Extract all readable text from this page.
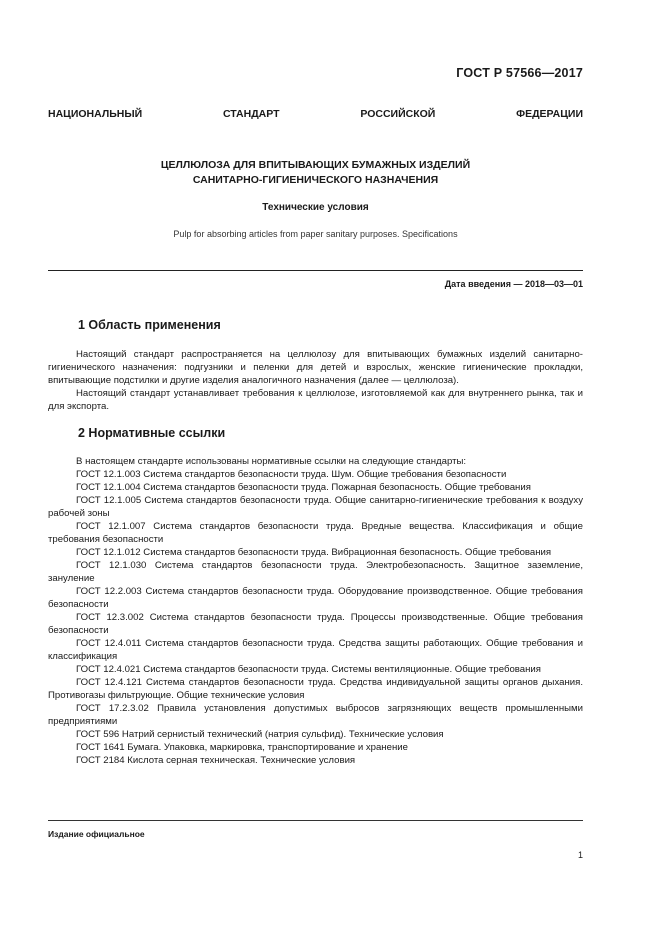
ГОСТ Р 57566—2017
НАЦИОНАЛЬНЫЙ	СТАНДАРТ	РОССИЙСКОЙ	ФЕДЕРАЦИИ
ЦЕЛЛЮЛОЗА ДЛЯ ВПИТЫВАЮЩИХ БУМАЖНЫХ ИЗДЕЛИЙ
САНИТАРНО-ГИГИЕНИЧЕСКОГО НАЗНАЧЕНИЯ
Технические условия
Pulp for absorbing articles from paper sanitary purposes. Specifications
Дата введения — 2018—03—01
1 Область применения

Настоящий стандарт распространяется на целлюлозу для впитывающих бумажных изделий санитарно-гигиенического назначения: подгузники и пеленки для детей и взрослых, женские гигиенические прокладки, впитывающие подстилки и другие изделия аналогичного назначения (далее — целлюлоза).

Настоящий стандарт устанавливает требования к целлюлозе, изготовляемой как для внутреннего рынка, так и для экспорта.

2 Нормативные ссылки

В настоящем стандарте использованы нормативные ссылки на следующие стандарты:

ГОСТ 12.1.003 Система стандартов безопасности труда. Шум. Общие требования безопасности

ГОСТ 12.1.004 Система стандартов безопасности труда. Пожарная безопасность. Общие требования

ГОСТ 12.1.005 Система стандартов безопасности труда. Общие санитарно-гигиенические требования к воздуху рабочей зоны

ГОСТ 12.1.007 Система стандартов безопасности труда. Вредные вещества. Классификация и общие требования безопасности

ГОСТ 12.1.012 Система стандартов безопасности труда. Вибрационная безопасность. Общие требования

ГОСТ 12.1.030 Система стандартов безопасности труда. Электробезопасность. Защитное заземление, зануление

ГОСТ 12.2.003 Система стандартов безопасности труда. Оборудование производственное. Общие требования безопасности

ГОСТ 12.3.002 Система стандартов безопасности труда. Процессы производственные. Общие требования безопасности

ГОСТ 12.4.011 Система стандартов безопасности труда. Средства защиты работающих. Общие требования и классификация

ГОСТ 12.4.021 Система стандартов безопасности труда. Системы вентиляционные. Общие требования

ГОСТ 12.4.121 Система стандартов безопасности труда. Средства индивидуальной защиты органов дыхания. Противогазы фильтрующие. Общие технические условия

ГОСТ 17.2.3.02 Правила установления допустимых выбросов загрязняющих веществ промышленными предприятиями

ГОСТ 596 Натрий сернистый технический (натрия сульфид). Технические условия

ГОСТ 1641 Бумага. Упаковка, маркировка, транспортирование и хранение

ГОСТ 2184 Кислота серная техническая. Технические условия

Издание официальное
1
